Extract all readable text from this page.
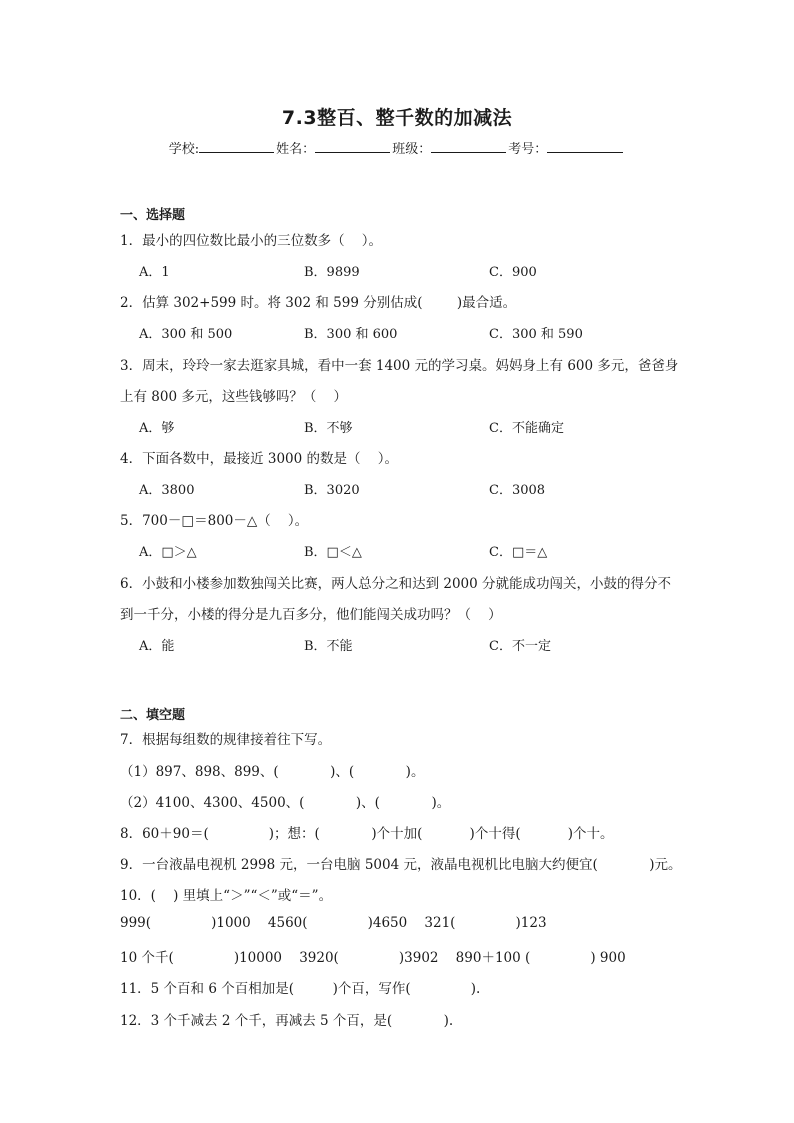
7.3整百、整千数的加减法
学校:	姓名：	班级：	考号：
一、选择题
1．最小的四位数比最小的三位数多（    ）。
A．1	B．9899	C．900
2．估算 302+599 时。将 302 和 599 分别估成(        )最合适。
A．300 和 500	B．300 和 600	C．300 和 590
3．周末，玲玲一家去逛家具城，看中一套 1400 元的学习桌。妈妈身上有 600 多元，爸爸身
上有 800 多元，这些钱够吗？（    ）
A．够	B．不够	C．不能确定
4．下面各数中，最接近 3000 的数是（    ）。
A．3800	B．3020	C．3008
5．700－□＝800－△（    ）。
A．□＞△	B．□＜△	C．□＝△
6．小鼓和小楼参加数独闯关比赛，两人总分之和达到 2000 分就能成功闯关，小鼓的得分不
到一千分，小楼的得分是九百多分，他们能闯关成功吗？（    ）
A．能	B．不能	C．不一定
二、填空题
7．根据每组数的规律接着往下写。
（1）897、898、899、(            )、(            )。
（2）4100、4300、4500、(            )、(            )。
8．60＋90＝(              )；想：(            )个十加(           )个十得(           )个十。
9．一台液晶电视机 2998 元，一台电脑 5004 元，液晶电视机比电脑大约便宜(            )元。
10．(    ) 里填上“＞”“＜”或“＝”。
999(              )1000    4560(              )4650    321(              )123
10 个千(              )10000    3920(              )3902    890＋100 (              ) 900
11．5 个百和 6 个百相加是(         )个百，写作(              ).
12．3 个千减去 2 个千，再减去 5 个百，是(            ).
